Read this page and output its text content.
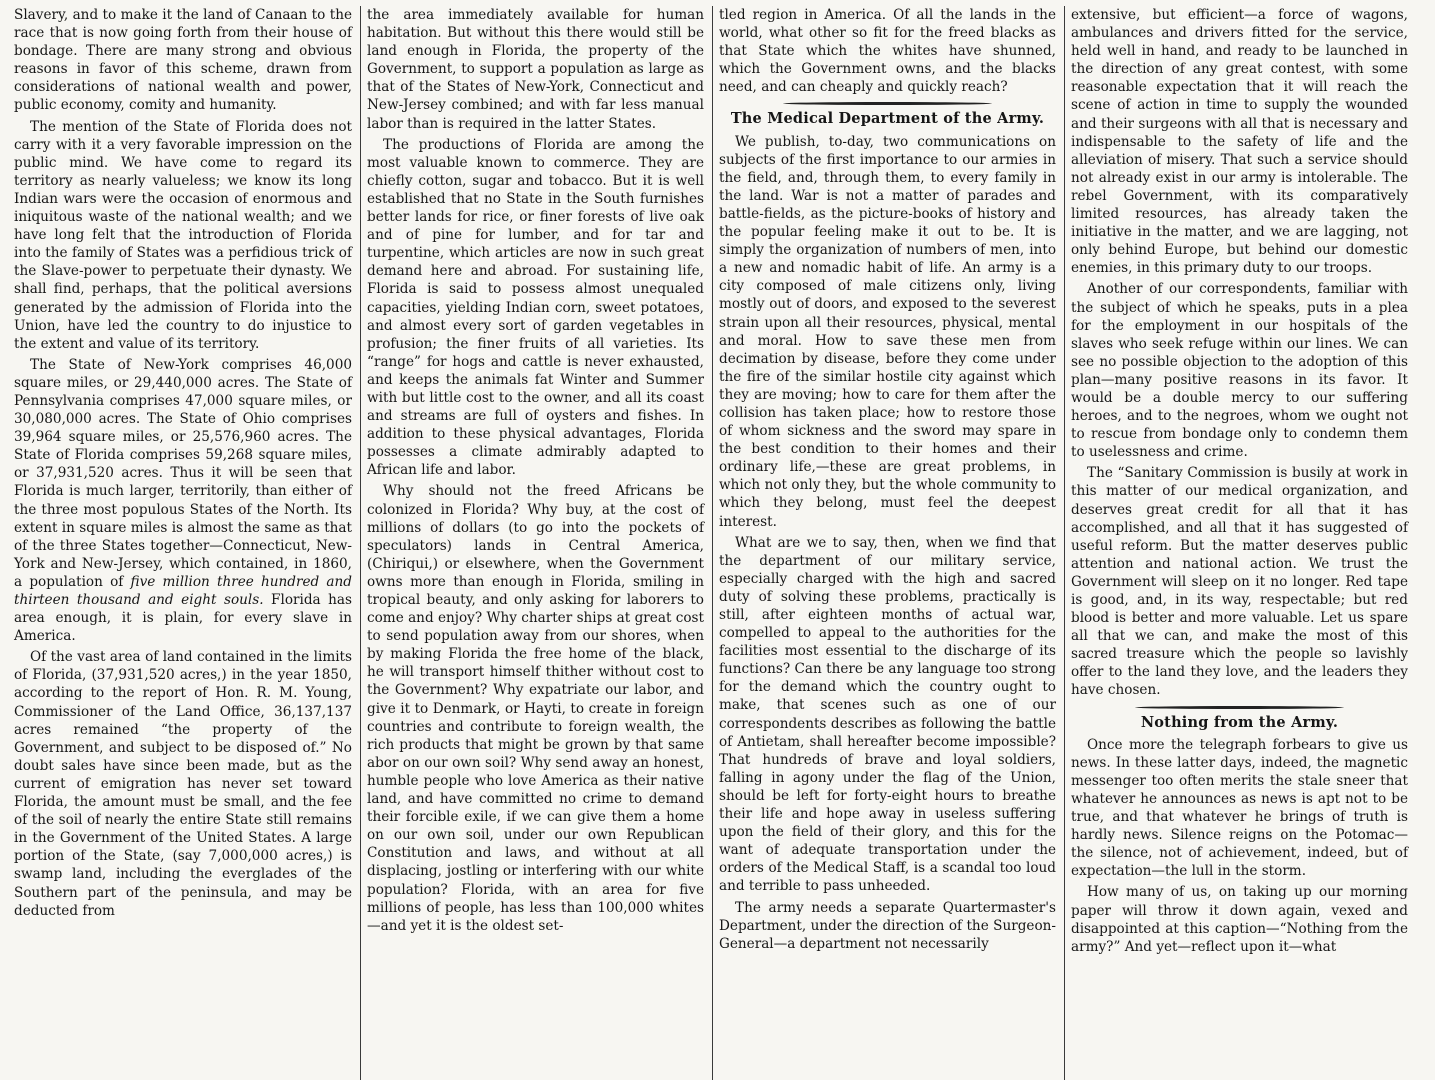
Slavery, and to make it the land of Canaan to the race that is now going forth from their house of bondage. There are many strong and obvious reasons in favor of this scheme, drawn from considerations of national wealth and power, public economy, comity and humanity.

The mention of the State of Florida does not carry with it a very favorable impression on the public mind. We have come to regard its territory as nearly valueless; we know its long Indian wars were the occasion of enormous and iniquitous waste of the national wealth; and we have long felt that the introduction of Florida into the family of States was a perfidious trick of the Slave-power to perpetuate their dynasty. We shall find, perhaps, that the political aversions generated by the admission of Florida into the Union, have led the country to do injustice to the extent and value of its territory.

The State of New-York comprises 46,000 square miles, or 29,440,000 acres. The State of Pennsylvania comprises 47,000 square miles, or 30,080,000 acres. The State of Ohio comprises 39,964 square miles, or 25,576,960 acres. The State of Florida comprises 59,268 square miles, or 37,931,520 acres. Thus it will be seen that Florida is much larger, territorily, than either of the three most populous States of the North. Its extent in square miles is almost the same as that of the three States together—Connecticut, New-York and New-Jersey, which contained, in 1860, a population of five million three hundred and thirteen thousand and eight souls. Florida has area enough, it is plain, for every slave in America.

Of the vast area of land contained in the limits of Florida, (37,931,520 acres,) in the year 1850, according to the report of Hon. R. M. Young, Commissioner of the Land Office, 36,137,137 acres remained “the property of the Government, and subject to be disposed of.” No doubt sales have since been made, but as the current of emigration has never set toward Florida, the amount must be small, and the fee of the soil of nearly the entire State still remains in the Government of the United States. A large portion of the State, (say 7,000,000 acres,) is swamp land, including the everglades of the Southern part of the peninsula, and may be deducted from

the area immediately available for human habitation. But without this there would still be land enough in Florida, the property of the Government, to support a population as large as that of the States of New-York, Connecticut and New-Jersey combined; and with far less manual labor than is required in the latter States.

The productions of Florida are among the most valuable known to commerce. They are chiefly cotton, sugar and tobacco. But it is well established that no State in the South furnishes better lands for rice, or finer forests of live oak and of pine for lumber, and for tar and turpentine, which articles are now in such great demand here and abroad. For sustaining life, Florida is said to possess almost unequaled capacities, yielding Indian corn, sweet potatoes, and almost every sort of garden vegetables in profusion; the finer fruits of all varieties. Its “range” for hogs and cattle is never exhausted, and keeps the animals fat Winter and Summer with but little cost to the owner, and all its coast and streams are full of oysters and fishes. In addition to these physical advantages, Florida possesses a climate admirably adapted to African life and labor.

Why should not the freed Africans be colonized in Florida? Why buy, at the cost of millions of dollars (to go into the pockets of speculators) lands in Central America, (Chiriqui,) or elsewhere, when the Government owns more than enough in Florida, smiling in tropical beauty, and only asking for laborers to come and enjoy? Why charter ships at great cost to send population away from our shores, when by making Florida the free home of the black, he will transport himself thither without cost to the Government? Why expatriate our labor, and give it to Denmark, or Hayti, to create in foreign countries and contribute to foreign wealth, the rich products that might be grown by that same abor on our own soil? Why send away an honest, humble people who love America as their native land, and have committed no crime to demand their forcible exile, if we can give them a home on our own soil, under our own Republican Constitution and laws, and without at all displacing, jostling or interfering with our white population? Florida, with an area for five millions of people, has less than 100,000 whites—and yet it is the oldest set-

tled region in America. Of all the lands in the world, what other so fit for the freed blacks as that State which the whites have shunned, which the Government owns, and the blacks need, and can cheaply and quickly reach?

The Medical Department of the Army.

We publish, to-day, two communications on subjects of the first importance to our armies in the field, and, through them, to every family in the land. War is not a matter of parades and battle-fields, as the picture-books of history and the popular feeling make it out to be. It is simply the organization of numbers of men, into a new and nomadic habit of life. An army is a city composed of male citizens only, living mostly out of doors, and exposed to the severest strain upon all their resources, physical, mental and moral. How to save these men from decimation by disease, before they come under the fire of the similar hostile city against which they are moving; how to care for them after the collision has taken place; how to restore those of whom sickness and the sword may spare in the best condition to their homes and their ordinary life,—these are great problems, in which not only they, but the whole community to which they belong, must feel the deepest interest.

What are we to say, then, when we find that the department of our military service, especially charged with the high and sacred duty of solving these problems, practically is still, after eighteen months of actual war, compelled to appeal to the authorities for the facilities most essential to the discharge of its functions? Can there be any language too strong for the demand which the country ought to make, that scenes such as one of our correspondents describes as following the battle of Antietam, shall hereafter become impossible? That hundreds of brave and loyal soldiers, falling in agony under the flag of the Union, should be left for forty-eight hours to breathe their life and hope away in useless suffering upon the field of their glory, and this for the want of adequate transportation under the orders of the Medical Staff, is a scandal too loud and terrible to pass unheeded.

The army needs a separate Quartermaster's Department, under the direction of the Surgeon-General—a department not necessarily

extensive, but efficient—a force of wagons, ambulances and drivers fitted for the service, held well in hand, and ready to be launched in the direction of any great contest, with some reasonable expectation that it will reach the scene of action in time to supply the wounded and their surgeons with all that is necessary and indispensable to the safety of life and the alleviation of misery. That such a service should not already exist in our army is intolerable. The rebel Government, with its comparatively limited resources, has already taken the initiative in the matter, and we are lagging, not only behind Europe, but behind our domestic enemies, in this primary duty to our troops.

Another of our correspondents, familiar with the subject of which he speaks, puts in a plea for the employment in our hospitals of the slaves who seek refuge within our lines. We can see no possible objection to the adoption of this plan—many positive reasons in its favor. It would be a double mercy to our suffering heroes, and to the negroes, whom we ought not to rescue from bondage only to condemn them to uselessness and crime.

The “Sanitary Commission is busily at work in this matter of our medical organization, and deserves great credit for all that it has accomplished, and all that it has suggested of useful reform. But the matter deserves public attention and national action. We trust the Government will sleep on it no longer. Red tape is good, and, in its way, respectable; but red blood is better and more valuable. Let us spare all that we can, and make the most of this sacred treasure which the people so lavishly offer to the land they love, and the leaders they have chosen.

Nothing from the Army.

Once more the telegraph forbears to give us news. In these latter days, indeed, the magnetic messenger too often merits the stale sneer that whatever he announces as news is apt not to be true, and that whatever he brings of truth is hardly news. Silence reigns on the Potomac—the silence, not of achievement, indeed, but of expectation—the lull in the storm.

How many of us, on taking up our morning paper will throw it down again, vexed and disappointed at this caption—“Nothing from the army?” And yet—reflect upon it—what
